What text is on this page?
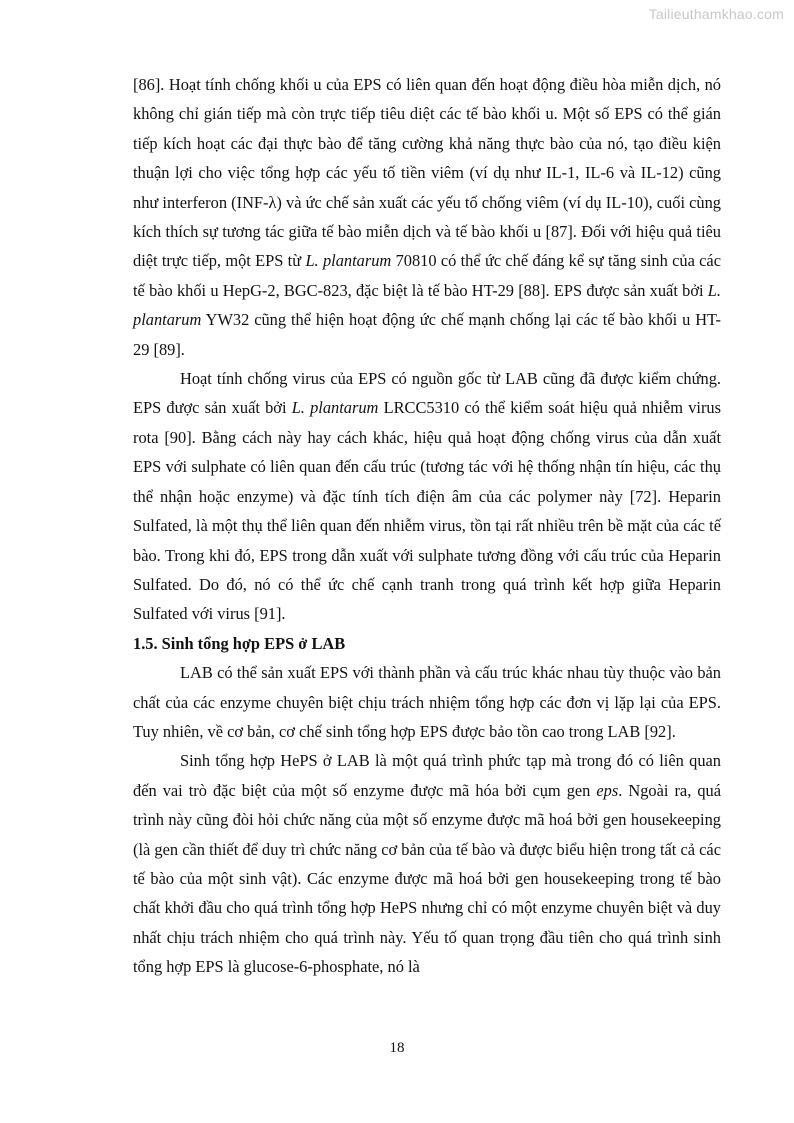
Tailieuthamkhao.com

[86]. Hoạt tính chống khối u của EPS có liên quan đến hoạt động điều hòa miễn dịch, nó không chỉ gián tiếp mà còn trực tiếp tiêu diệt các tế bào khối u. Một số EPS có thể gián tiếp kích hoạt các đại thực bào để tăng cường khả năng thực bào của nó, tạo điều kiện thuận lợi cho việc tổng hợp các yếu tố tiền viêm (ví dụ như IL-1, IL-6 và IL-12) cũng như interferon (INF-λ) và ức chế sản xuất các yếu tố chống viêm (ví dụ IL-10), cuối cùng kích thích sự tương tác giữa tế bào miễn dịch và tế bào khối u [87]. Đối với hiệu quả tiêu diệt trực tiếp, một EPS từ L. plantarum 70810 có thể ức chế đáng kể sự tăng sinh của các tế bào khối u HepG-2, BGC-823, đặc biệt là tế bào HT-29 [88]. EPS được sản xuất bởi L. plantarum YW32 cũng thể hiện hoạt động ức chế mạnh chống lại các tế bào khối u HT-29 [89].

Hoạt tính chống virus của EPS có nguồn gốc từ LAB cũng đã được kiểm chứng. EPS được sản xuất bởi L. plantarum LRCC5310 có thể kiểm soát hiệu quả nhiễm virus rota [90]. Bằng cách này hay cách khác, hiệu quả hoạt động chống virus của dẫn xuất EPS với sulphate có liên quan đến cấu trúc (tương tác với hệ thống nhận tín hiệu, các thụ thể nhận hoặc enzyme) và đặc tính tích điện âm của các polymer này [72]. Heparin Sulfated, là một thụ thể liên quan đến nhiễm virus, tồn tại rất nhiều trên bề mặt của các tế bào. Trong khi đó, EPS trong dẫn xuất với sulphate tương đồng với cấu trúc của Heparin Sulfated. Do đó, nó có thể ức chế cạnh tranh trong quá trình kết hợp giữa Heparin Sulfated với virus [91].

1.5. Sinh tổng hợp EPS ở LAB

LAB có thể sản xuất EPS với thành phần và cấu trúc khác nhau tùy thuộc vào bản chất của các enzyme chuyên biệt chịu trách nhiệm tổng hợp các đơn vị lặp lại của EPS. Tuy nhiên, về cơ bản, cơ chế sinh tổng hợp EPS được bảo tồn cao trong LAB [92].

Sinh tổng hợp HePS ở LAB là một quá trình phức tạp mà trong đó có liên quan đến vai trò đặc biệt của một số enzyme được mã hóa bởi cụm gen eps. Ngoài ra, quá trình này cũng đòi hỏi chức năng của một số enzyme được mã hoá bởi gen housekeeping (là gen cần thiết để duy trì chức năng cơ bản của tế bào và được biểu hiện trong tất cả các tế bào của một sinh vật). Các enzyme được mã hoá bởi gen housekeeping trong tế bào chất khởi đầu cho quá trình tổng hợp HePS nhưng chỉ có một enzyme chuyên biệt và duy nhất chịu trách nhiệm cho quá trình này. Yếu tố quan trọng đầu tiên cho quá trình sinh tổng hợp EPS là glucose-6-phosphate, nó là

18
